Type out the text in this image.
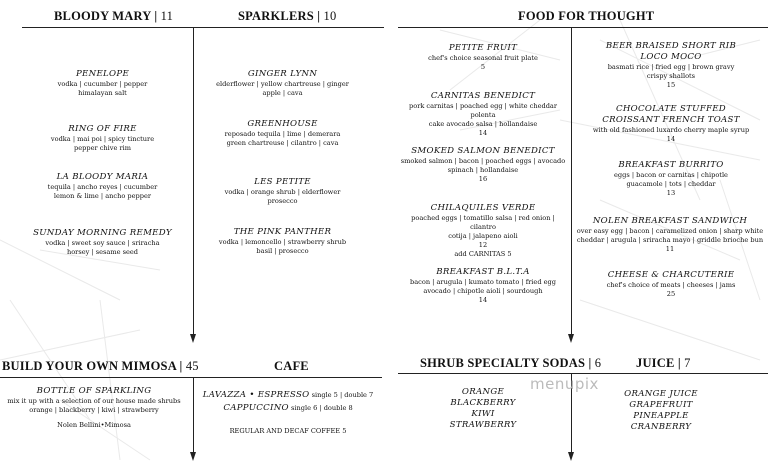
BLOODY MARY | 11	SPARKLERS | 10
PENELOPE
vodka | cucumber | pepper
himalayan salt
RING OF FIRE
vodka | mai poi | spicy tincture
pepper chive rim
LA BLOODY MARIA
tequila | ancho reyes | cucumber
lemon & lime | ancho pepper
SUNDAY MORNING REMEDY
vodka | sweet soy sauce | sriracha
horsey | sesame seed
GINGER LYNN
elderflower | yellow chartreuse | ginger
apple | cava
GREENHOUSE
reposado tequila | lime | demerara
green chartreuse | cilantro | cava
LES PETITE
vodka | orange shrub | elderflower
prosecco
THE PINK PANTHER
vodka | lemoncello | strawberry shrub
basil | prosecco
BUILD YOUR OWN MIMOSA | 45	CAFE
BOTTLE OF SPARKLING
mix it up with a selection of our house made shrubs
orange | blackberry | kiwi | strawberry
Nolen Bellini•Mimosa
LAVAZZA • ESPRESSO single 5 | double 7
CAPPUCCINO single 6 | double 8
REGULAR AND DECAF COFFEE 5
FOOD FOR THOUGHT
PETITE FRUIT
chef's choice seasonal fruit plate
5
CARNITAS BENEDICT
pork carnitas | poached egg | white cheddar polenta
cake avocado salsa | hollandaise
14
SMOKED SALMON BENEDICT
smoked salmon | bacon | poached eggs | avocado
spinach | hollandaise
16
CHILAQUILES VERDE
poached eggs | tomatillo salsa | red onion | cilantro
cotija | jalapeno aioli
12
add CARNITAS 5
BREAKFAST B.L.T.A
bacon | arugula | kumato tomato | fried egg
avocado | chipotle aioli | sourdough
14
BEER BRAISED SHORT RIB
LOCO MOCO
basmati rice | fried egg | brown gravy
crispy shallots
15
CHOCOLATE STUFFED
CROISSANT FRENCH TOAST
with old fashioned luxardo cherry maple syrup
14
BREAKFAST BURRITO
eggs | bacon or carnitas | chipotle
guacamole | tots | cheddar
13
NOLEN BREAKFAST SANDWICH
over easy egg | bacon | caramelized onion | sharp white
cheddar | arugula | sriracha mayo | griddle brioche bun
11
CHEESE & CHARCUTERIE
chef's choice of meats | cheeses | jams
25
SHRUB SPECIALTY SODAS | 6	JUICE | 7
ORANGE
BLACKBERRY
KIWI
STRAWBERRY
ORANGE JUICE
GRAPEFRUIT
PINEAPPLE
CRANBERRY
menupix
